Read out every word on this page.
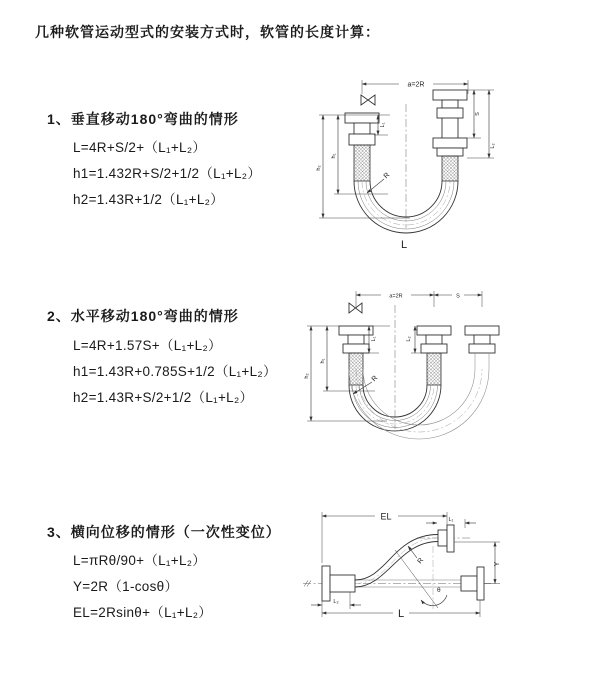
几种软管运动型式的安装方式时，软管的长度计算：
1、垂直移动180°弯曲的情形
L=4R+S/2+（L₁+L₂）
h1=1.432R+S/2+1/2（L₁+L₂）
h2=1.43R+1/2（L₁+L₂）
2、水平移动180°弯曲的情形
L=4R+1.57S+（L₁+L₂）
h1=1.43R+0.785S+1/2（L₁+L₂）
h2=1.43R+S/2+1/2（L₁+L₂）
3、横向位移的情形（一次性变位）
L=πRθ/90+（L₁+L₂）
Y=2R（1-cosθ）
EL=2Rsinθ+（L₁+L₂）
a=2R
h₁
h₂
L₁
S
L₂
R
L
a=2R	S
h₁
h₂
L₁	L₂
R
EL	L₁
θ
R	Y
L₂
L
